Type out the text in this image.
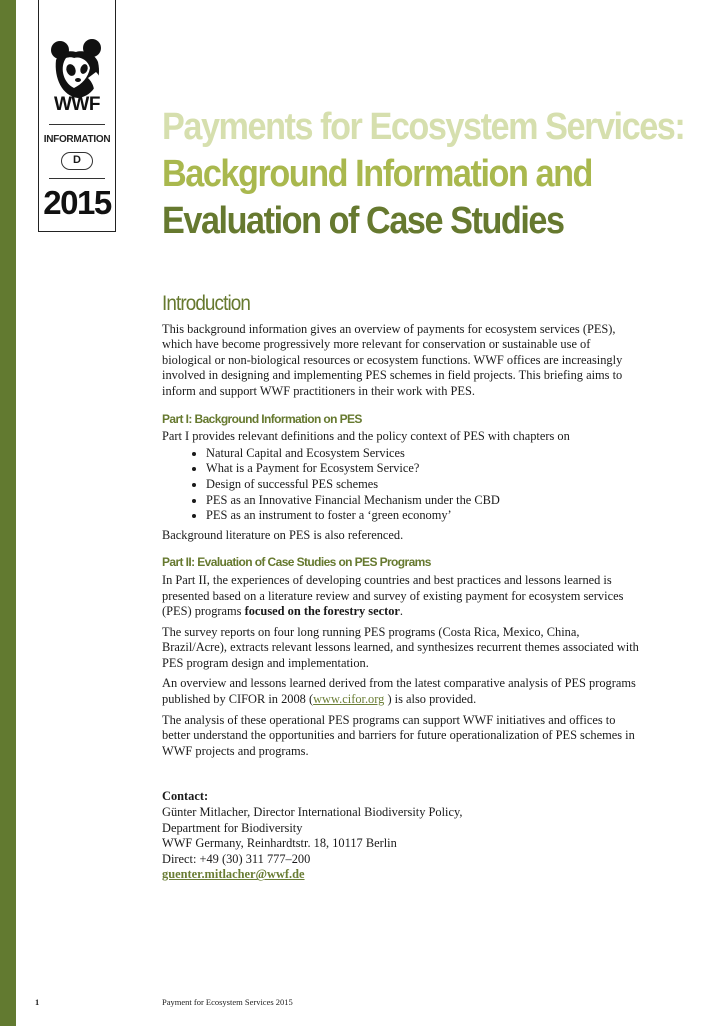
WWF
INFORMATION
D
2015
Payments for Ecosystem Services:
Background Information and
Evaluation of Case Studies
Introduction

This background information gives an overview of payments for ecosystem services (PES), which have become progressively more relevant for conservation or sustainable use of biological or non-biological resources or ecosystem functions. WWF offices are increasingly involved in designing and implementing PES schemes in field projects. This briefing aims to inform and support WWF practitioners in their work with PES.

Part I: Background Information on PES

Part I provides relevant definitions and the policy context of PES with chapters on

• Natural Capital and Ecosystem Services
• What is a Payment for Ecosystem Service?
• Design of successful PES schemes
• PES as an Innovative Financial Mechanism under the CBD
• PES as an instrument to foster a ‘green economy’

Background literature on PES is also referenced.

Part II: Evaluation of Case Studies on PES Programs

In Part II, the experiences of developing countries and best practices and lessons learned is presented based on a literature review and survey of existing payment for ecosystem services (PES) programs focused on the forestry sector.

The survey reports on four long running PES programs (Costa Rica, Mexico, China, Brazil/Acre), extracts relevant lessons learned, and synthesizes recurrent themes associated with PES program design and implementation.

An overview and lessons learned derived from the latest comparative analysis of PES programs published by CIFOR in 2008 (www.cifor.org ) is also provided.

The analysis of these operational PES programs can support WWF initiatives and offices to better understand the opportunities and barriers for future operationalization of PES schemes in WWF projects and programs.

Contact:
Günter Mitlacher, Director International Biodiversity Policy,
Department for Biodiversity
WWF Germany, Reinhardtstr. 18, 10117 Berlin
Direct: +49 (30) 311 777–200
guenter.mitlacher@wwf.de
1	Payment for Ecosystem Services 2015
